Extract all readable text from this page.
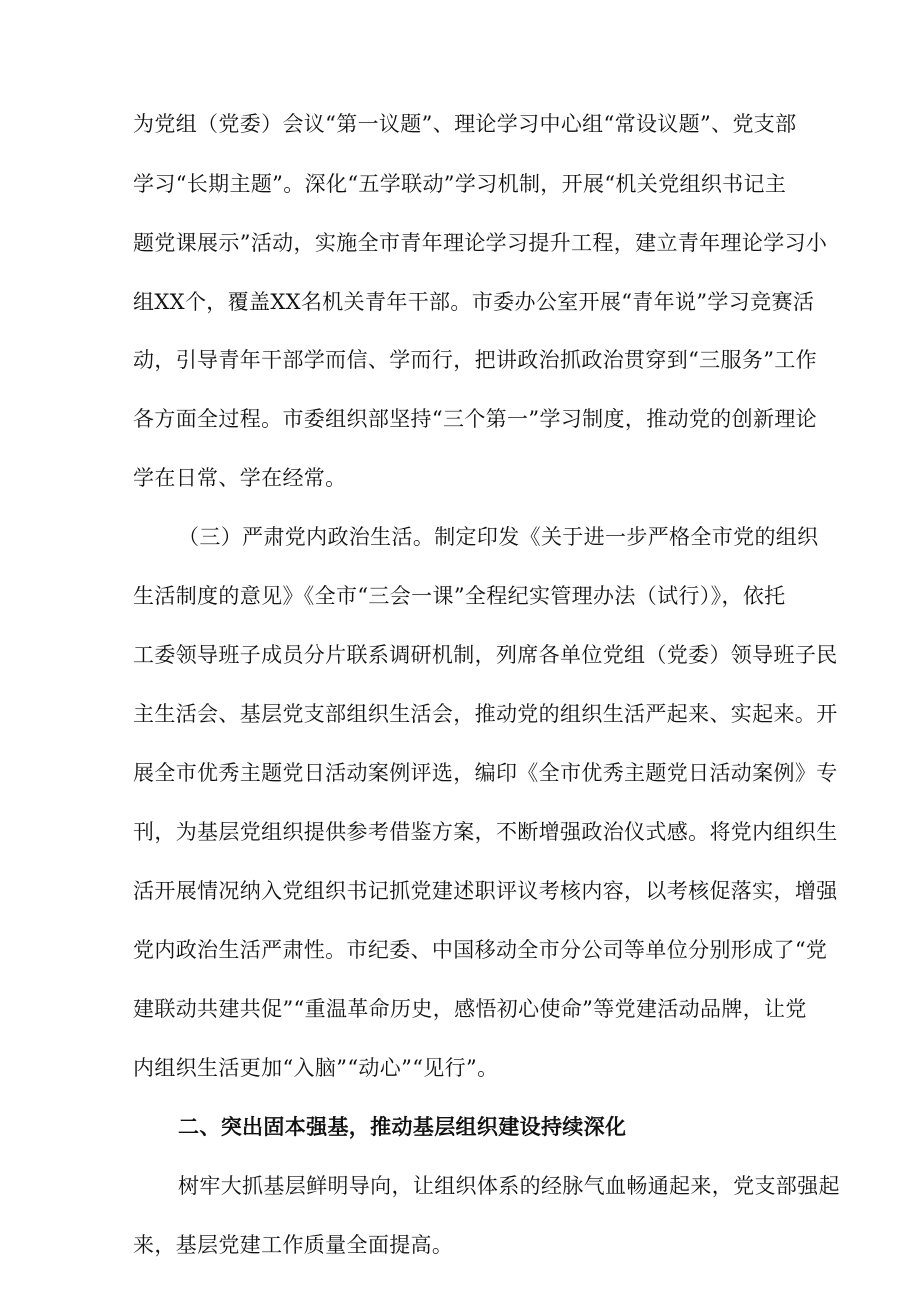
为党组（党委）会议“第一议题”、理论学习中心组“常设议题”、党支部
学习“长期主题”。深化“五学联动”学习机制，开展“机关党组织书记主
题党课展示”活动，实施全市青年理论学习提升工程，建立青年理论学习小
组XX个，覆盖XX名机关青年干部。市委办公室开展“青年说”学习竞赛活
动，引导青年干部学而信、学而行，把讲政治抓政治贯穿到“三服务”工作
各方面全过程。市委组织部坚持“三个第一”学习制度，推动党的创新理论
学在日常、学在经常。
（三）严肃党内政治生活。制定印发《关于进一步严格全市党的组织
生活制度的意见》《全市“三会一课”全程纪实管理办法（试行）》，依托
工委领导班子成员分片联系调研机制，列席各单位党组（党委）领导班子民
主生活会、基层党支部组织生活会，推动党的组织生活严起来、实起来。开
展全市优秀主题党日活动案例评选，编印《全市优秀主题党日活动案例》专
刊，为基层党组织提供参考借鉴方案，不断增强政治仪式感。将党内组织生
活开展情况纳入党组织书记抓党建述职评议考核内容，以考核促落实，增强
党内政治生活严肃性。市纪委、中国移动全市分公司等单位分别形成了“党
建联动共建共促”“重温革命历史，感悟初心使命”等党建活动品牌，让党
内组织生活更加“入脑”“动心”“见行”。
二、突出固本强基，推动基层组织建设持续深化
树牢大抓基层鲜明导向，让组织体系的经脉气血畅通起来，党支部强起
来，基层党建工作质量全面提高。
